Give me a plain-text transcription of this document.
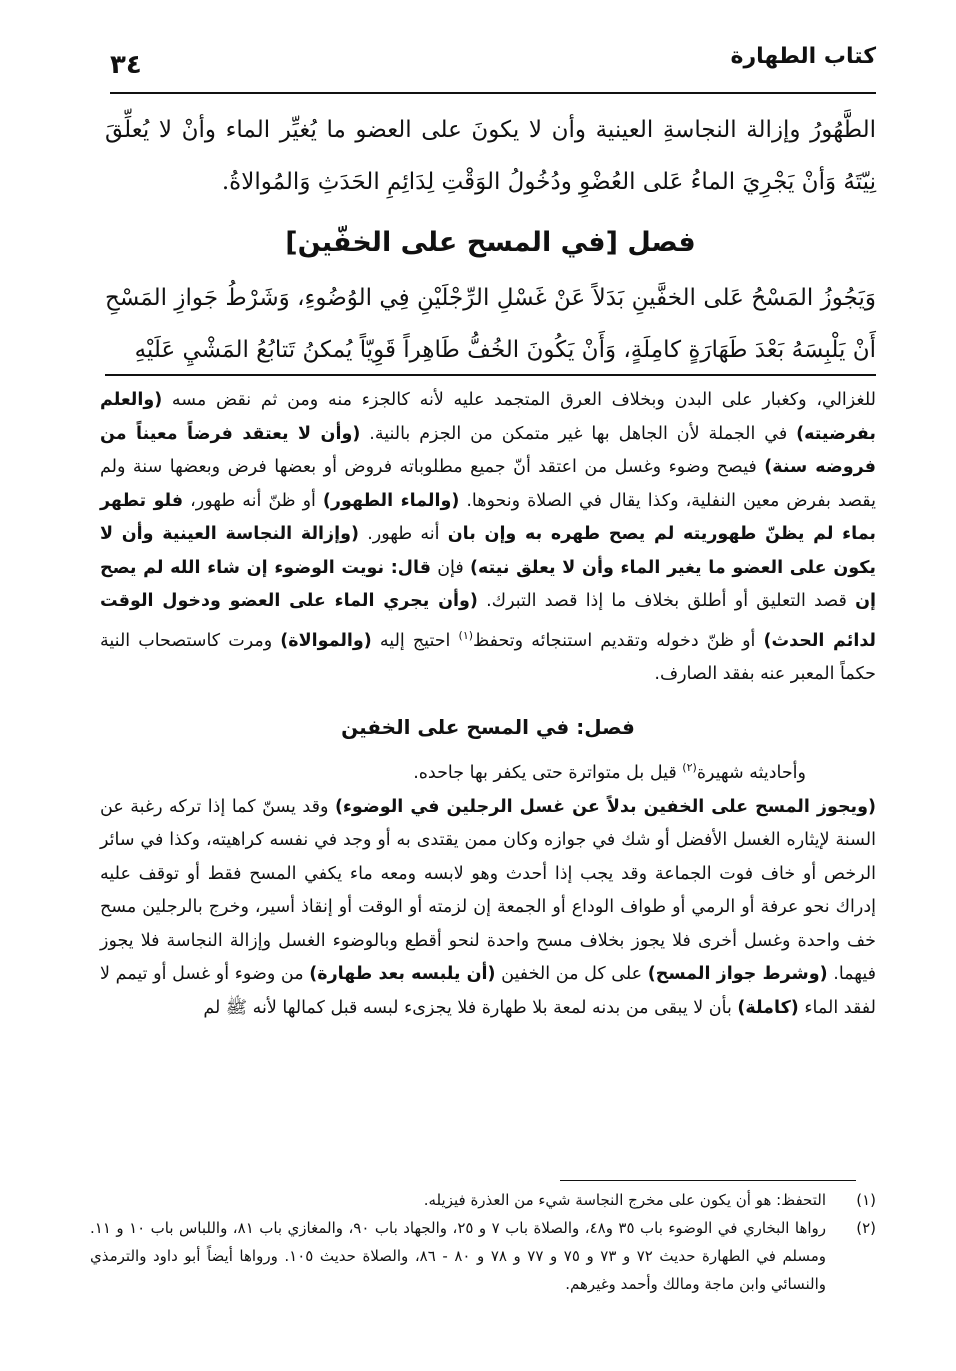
كتاب الطهارة
٣٤

الطَّهُورُ وإزالة النجاسةِ العينية وأن لا يكونَ على العضو ما يُغيِّر الماء وأنْ لا يُعلِّقَ نِيّتَهُ وَأنْ يَجْرِيَ الماءُ عَلى العُضْوِ ودُخُولُ الوَقْتِ لِدَائِمِ الحَدَثِ وَالمُوالاةُ.

فصل [في المسح على الخفّين]

وَيَجُوزُ المَسْحُ عَلى الخفَّينِ بَدَلاً عَنْ غَسْلِ الرِّجْلَيْنِ فِي الوُضُوءِ، وَشَرْطُ جَوازِ المَسْحِ أَنْ يَلْبِسَهُ بَعْدَ طَهَارَةٍ كامِلَةٍ، وَأَنْ يَكُونَ الخُفُّ طَاهِراً قَوِيّاً يُمكنُ تَتابُعُ المَشْيِ عَلَيْهِ

للغزالي، وكغبار على البدن وبخلاف العرق المتجمد عليه لأنه كالجزء منه ومن ثم نقض مسه (والعلم بفرضيته) في الجملة لأن الجاهل بها غير متمكن من الجزم بالنية. (وأن لا يعتقد فرضاً معيناً من فروضه سنة) فيصح وضوء وغسل من اعتقد أنّ جميع مطلوباته فروض أو بعضها فرض وبعضها سنة ولم يقصد بفرض معين النفلية، وكذا يقال في الصلاة ونحوها. (والماء الطهور) أو ظنّ أنه طهور، فلو تطهر بماء لم يظنّ طهوريته لم يصح طهره به وإن بان أنه طهور. (وإزالة النجاسة العينية وأن لا يكون على العضو ما يغير الماء وأن لا يعلق نيته) فإن قال: نويت الوضوء إن شاء الله لم يصح إن قصد التعليق أو أطلق بخلاف ما إذا قصد التبرك. (وأن يجري الماء على العضو ودخول الوقت لدائم الحدث) أو ظنّ دخوله وتقديم استنجائه وتحفظ$^{(١)}$ احتيج إليه (والموالاة) ومرت كاستصحاب النية حكماً المعبر عنه بفقد الصارف.

فصل: في المسح على الخفين

وأحاديثه شهيرة$^{(٢)}$ قيل بل متواترة حتى يكفر بها جاحده.

(ويجوز المسح على الخفين بدلاً عن غسل الرجلين في الوضوء) وقد يسنّ كما إذا تركه رغبة عن السنة لإيثاره الغسل الأفضل أو شك في جوازه وكان ممن يقتدى به أو وجد في نفسه كراهيته، وكذا في سائر الرخص أو خاف فوت الجماعة وقد يجب إذا أحدث وهو لابسه ومعه ماء يكفي المسح فقط أو توقف عليه إدراك نحو عرفة أو الرمي أو طواف الوداع أو الجمعة إن لزمته أو الوقت أو إنقاذ أسير، وخرج بالرجلين مسح خف واحدة وغسل أخرى فلا يجوز بخلاف مسح واحدة لنحو أقطع وبالوضوء الغسل وإزالة النجاسة فلا يجوز فيهما. (وشرط جواز المسح) على كل من الخفين (أن يلبسه بعد طهارة) من وضوء أو غسل أو تيمم لا لفقد الماء (كاملة) بأن لا يبقى من بدنه لمعة بلا طهارة فلا يجزىء لبسه قبل كمالها لأنه ﷺ لم

(١)
التحفظ: هو أن يكون على مخرج النجاسة شيء من العذرة فيزيله.
(٢)
رواها البخاري في الوضوء باب ٣٥ و٤٨، والصلاة باب ٧ و ٢٥، والجهاد باب ٩٠، والمغازي باب ٨١، واللباس باب ١٠ و ١١. ومسلم في الطهارة حديث ٧٢ و ٧٣ و ٧٥ و ٧٧ و ٧٨ و ٨٠ - ٨٦، والصلاة حديث ١٠٥. ورواها أيضاً أبو داود والترمذي والنسائي وابن ماجة ومالك وأحمد وغيرهم.
